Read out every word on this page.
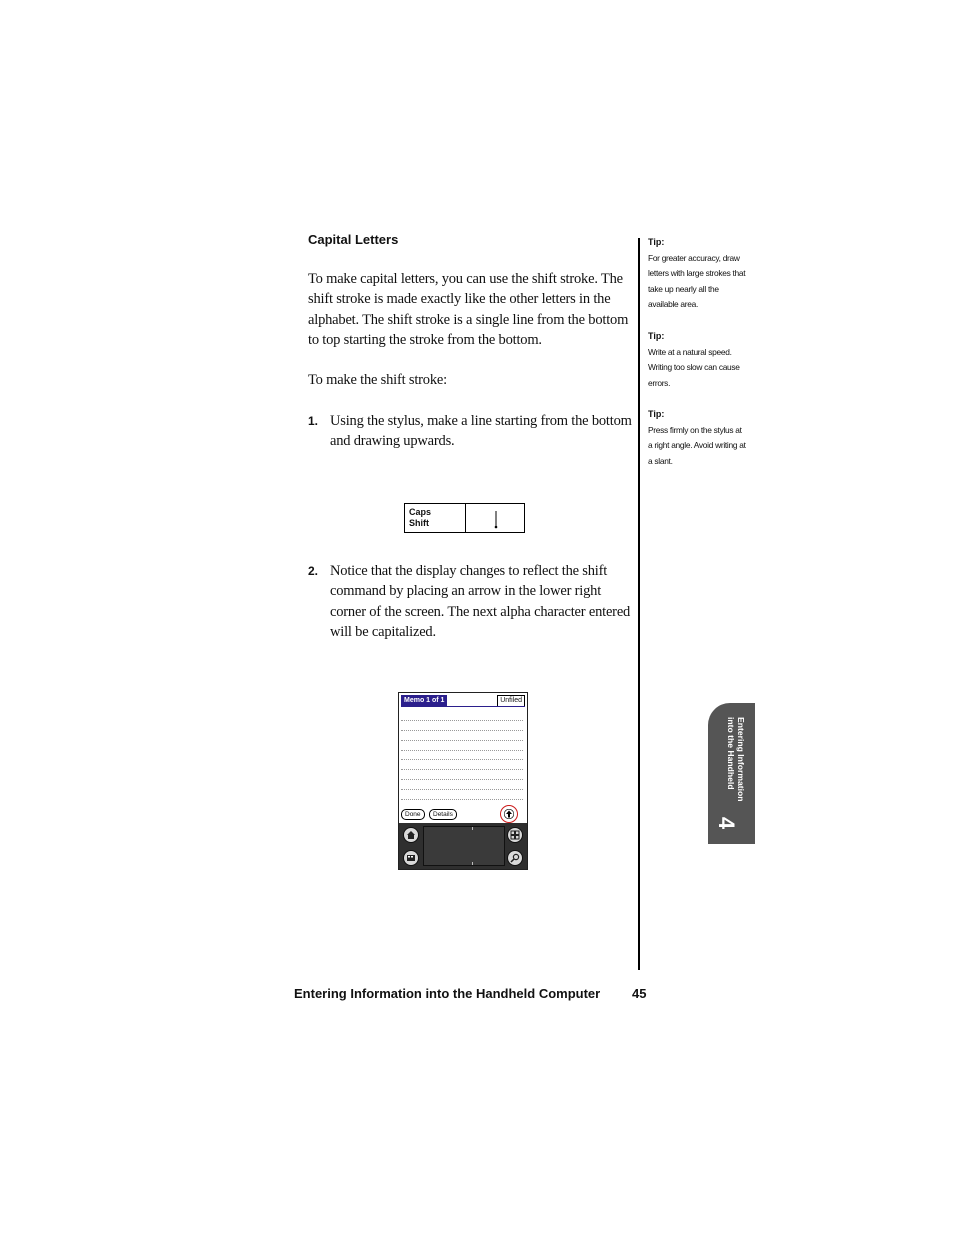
Capital Letters
To make capital letters, you can use the shift stroke. The shift stroke is made exactly like the other letters in the alphabet. The shift stroke is a single line from the bottom to top starting the stroke from the bottom.
To make the shift stroke:
1. Using the stylus, make a line starting from the bottom and drawing upwards.
Caps
Shift
2. Notice that the display changes to reflect the shift command by placing an arrow in the lower right corner of the screen. The next alpha character entered will be capitalized.
Memo 1 of 1	Unfiled
Done	Details
Tip:
For greater accuracy, draw letters with large strokes that take up nearly all the available area.
Tip:
Write at a natural speed. Writing too slow can cause errors.
Tip:
Press firmly on the stylus at a right angle. Avoid writing at a slant.
Entering Information
into the Handheld
4
Entering Information into the Handheld Computer 45
